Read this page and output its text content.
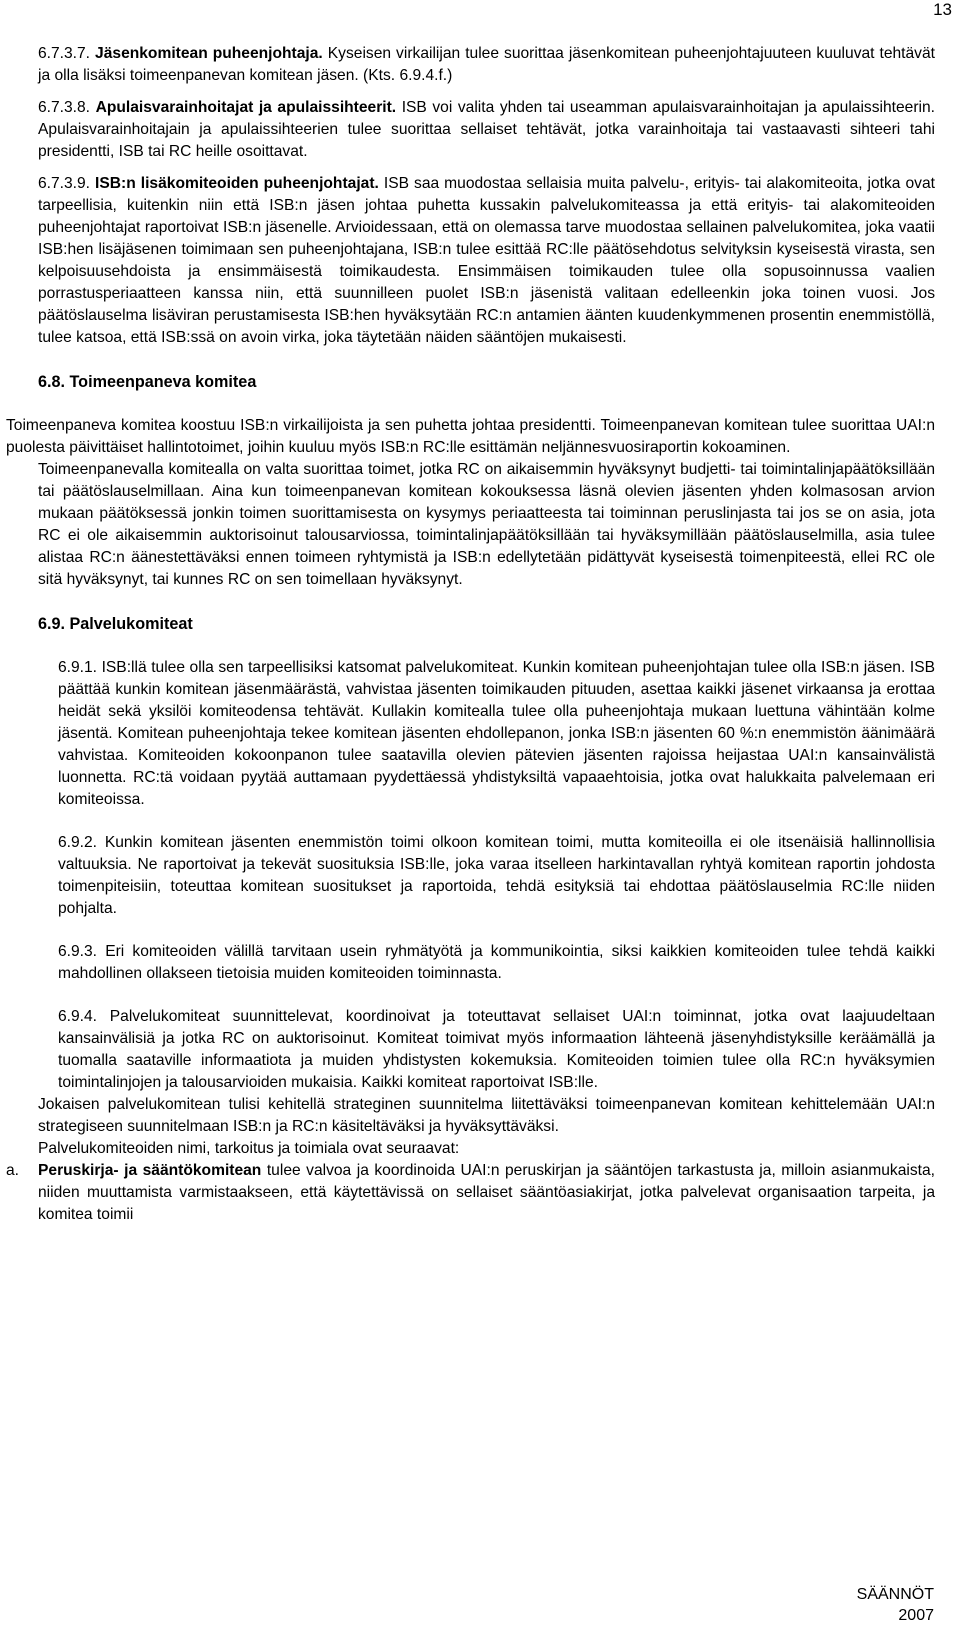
13

6.7.3.7. Jäsenkomitean puheenjohtaja. Kyseisen virkailijan tulee suorittaa jäsenkomitean puheenjohtajuuteen kuuluvat tehtävät ja olla lisäksi toimeenpanevan komitean jäsen. (Kts. 6.9.4.f.)

6.7.3.8. Apulaisvarainhoitajat ja apulaissihteerit. ISB voi valita yhden tai useamman apulaisvarainhoitajan ja apulaissihteerin. Apulaisvarainhoitajain ja apulaissihteerien tulee suorittaa sellaiset tehtävät, jotka varainhoitaja tai vastaavasti sihteeri tahi presidentti, ISB tai RC heille osoittavat.

6.7.3.9. ISB:n lisäkomiteoiden puheenjohtajat. ISB saa muodostaa sellaisia muita palvelu-, erityis- tai alakomiteoita, jotka ovat tarpeellisia, kuitenkin niin että ISB:n jäsen johtaa puhetta kussakin palvelukomiteassa ja että erityis- tai alakomiteoiden puheenjohtajat raportoivat ISB:n jäsenelle. Arvioidessaan, että on olemassa tarve muodostaa sellainen palvelukomitea, joka vaatii ISB:hen lisäjäsenen toimimaan sen puheenjohtajana, ISB:n tulee esittää RC:lle päätösehdotus selvityksin kyseisestä virasta, sen kelpoisuusehdoista ja ensimmäisestä toimikaudesta. Ensimmäisen toimikauden tulee olla sopusoinnussa vaalien porrastusperiaatteen kanssa niin, että suunnilleen puolet ISB:n jäsenistä valitaan edelleenkin joka toinen vuosi. Jos päätöslauselma lisäviran perustamisesta ISB:hen hyväksytään RC:n antamien äänten kuudenkymmenen prosentin enemmistöllä, tulee katsoa, että ISB:ssä on avoin virka, joka täytetään näiden sääntöjen mukaisesti.

6.8. Toimeenpaneva komitea

Toimeenpaneva komitea koostuu ISB:n virkailijoista ja sen puhetta johtaa presidentti. Toimeenpanevan komitean tulee suorittaa UAI:n puolesta päivittäiset hallintotoimet, joihin kuuluu myös ISB:n RC:lle esittämän neljännesvuosiraportin kokoaminen.

Toimeenpanevalla komitealla on valta suorittaa toimet, jotka RC on aikaisemmin hyväksynyt budjetti- tai toimintalinjapäätöksillään tai päätöslauselmillaan. Aina kun toimeenpanevan komitean kokouksessa läsnä olevien jäsenten yhden kolmasosan arvion mukaan päätöksessä jonkin toimen suorittamisesta on kysymys periaatteesta tai toiminnan peruslinjasta tai jos se on asia, jota RC ei ole aikaisemmin auktorisoinut talousarviossa, toimintalinjapäätöksillään tai hyväksymillään päätöslauselmilla, asia tulee alistaa RC:n äänestettäväksi ennen toimeen ryhtymistä ja ISB:n edellytetään pidättyvät kyseisestä toimenpiteestä, ellei RC ole sitä hyväksynyt, tai kunnes RC on sen toimellaan hyväksynyt.

6.9. Palvelukomiteat

6.9.1. ISB:llä tulee olla sen tarpeellisiksi katsomat palvelukomiteat. Kunkin komitean puheenjohtajan tulee olla ISB:n jäsen. ISB päättää kunkin komitean jäsenmäärästä, vahvistaa jäsenten toimikauden pituuden, asettaa kaikki jäsenet virkaansa ja erottaa heidät sekä yksilöi komiteodensa tehtävät. Kullakin komitealla tulee olla puheenjohtaja mukaan luettuna vähintään kolme jäsentä. Komitean puheenjohtaja tekee komitean jäsenten ehdollepanon, jonka ISB:n jäsenten 60 %:n enemmistön äänimäärä vahvistaa. Komiteoiden kokoonpanon tulee saatavilla olevien pätevien jäsenten rajoissa heijastaa UAI:n kansainvälistä luonnetta. RC:tä voidaan pyytää auttamaan pyydettäessä yhdistyksiltä vapaaehtoisia, jotka ovat halukkaita palvelemaan eri komiteoissa.

6.9.2. Kunkin komitean jäsenten enemmistön toimi olkoon komitean toimi, mutta komiteoilla ei ole itsenäisiä hallinnollisia valtuuksia. Ne raportoivat ja tekevät suosituksia ISB:lle, joka varaa itselleen harkintavallan ryhtyä komitean raportin johdosta toimenpiteisiin, toteuttaa komitean suositukset ja raportoida, tehdä esityksiä tai ehdottaa päätöslauselmia RC:lle niiden pohjalta.

6.9.3. Eri komiteoiden välillä tarvitaan usein ryhmätyötä ja kommunikointia, siksi kaikkien komiteoiden tulee tehdä kaikki mahdollinen ollakseen tietoisia muiden komiteoiden toiminnasta.

6.9.4. Palvelukomiteat suunnittelevat, koordinoivat ja toteuttavat sellaiset UAI:n toiminnat, jotka ovat laajuudeltaan kansainvälisiä ja jotka RC on auktorisoinut. Komiteat toimivat myös informaation lähteenä jäsenyhdistyksille keräämällä ja tuomalla saataville informaatiota ja muiden yhdistysten kokemuksia. Komiteoiden toimien tulee olla RC:n hyväksymien toimintalinjojen ja talousarvioiden mukaisia. Kaikki komiteat raportoivat ISB:lle.

Jokaisen palvelukomitean tulisi kehitellä strateginen suunnitelma liitettäväksi toimeenpanevan komitean kehittelemään UAI:n strategiseen suunnitelmaan ISB:n ja RC:n käsiteltäväksi ja hyväksyttäväksi.

Palvelukomiteoiden nimi, tarkoitus ja toimiala ovat seuraavat:

a.	Peruskirja- ja sääntökomitean tulee valvoa ja koordinoida UAI:n peruskirjan ja sääntöjen tarkastusta ja, milloin asianmukaista, niiden muuttamista varmistaakseen, että käytettävissä on sellaiset sääntöasiakirjat, jotka palvelevat organisaation tarpeita, ja komitea toimii

SÄÄNNÖT
2007
